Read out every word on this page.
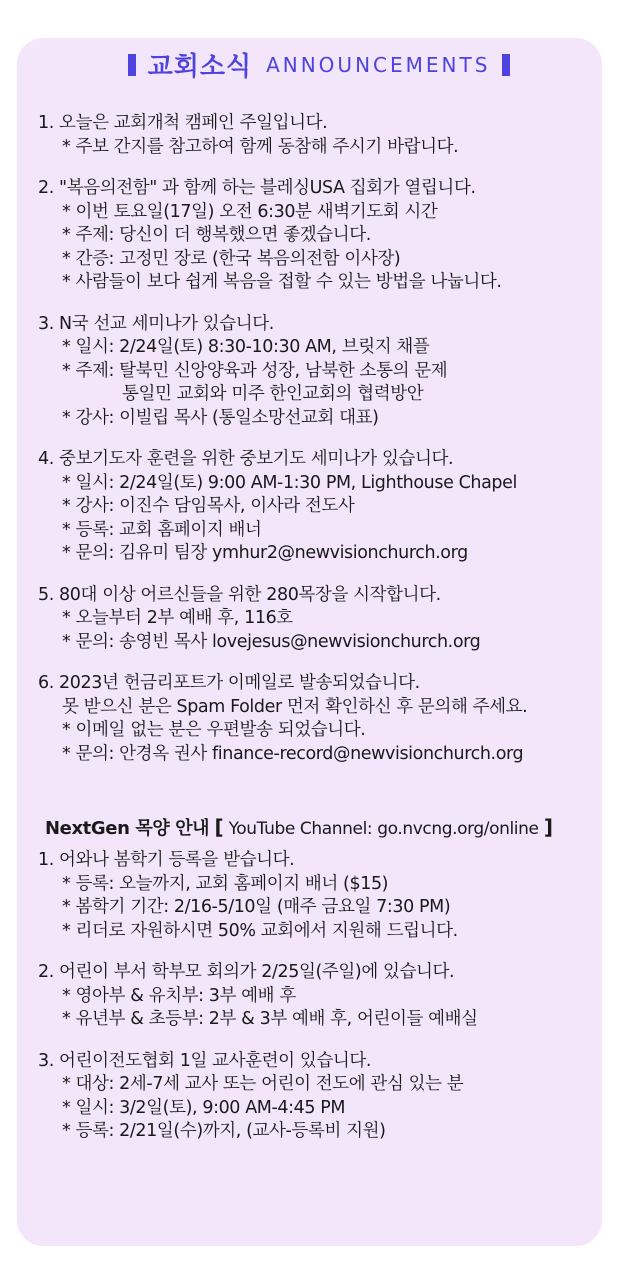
교회소식 ANNOUNCEMENTS
1. 오늘은 교회개척 캠페인 주일입니다.
* 주보 간지를 참고하여 함께 동참해 주시기 바랍니다.
2. "복음의전함" 과 함께 하는 블레싱USA 집회가 열립니다.
* 이번 토요일(17일) 오전 6:30분 새벽기도회 시간
* 주제: 당신이 더 행복했으면 좋겠습니다.
* 간증: 고정민 장로 (한국 복음의전함 이사장)
* 사람들이 보다 쉽게 복음을 접할 수 있는 방법을 나눕니다.
3. N국 선교 세미나가 있습니다.
* 일시: 2/24일(토) 8:30-10:30 AM, 브릿지 채플
* 주제: 탈북민 신앙양육과 성장, 남북한 소통의 문제
통일민 교회와 미주 한인교회의 협력방안
* 강사: 이빌립 목사 (통일소망선교회 대표)
4. 중보기도자 훈련을 위한 중보기도 세미나가 있습니다.
* 일시: 2/24일(토) 9:00 AM-1:30 PM, Lighthouse Chapel
* 강사: 이진수 담임목사, 이사라 전도사
* 등록: 교회 홈페이지 배너
* 문의: 김유미 팀장 ymhur2@newvisionchurch.org
5. 80대 이상 어르신들을 위한 280목장을 시작합니다.
* 오늘부터 2부 예배 후, 116호
* 문의: 송영빈 목사 lovejesus@newvisionchurch.org
6. 2023년 헌금리포트가 이메일로 발송되었습니다.
못 받으신 분은 Spam Folder 먼저 확인하신 후 문의해 주세요.
* 이메일 없는 분은 우편발송 되었습니다.
* 문의: 안경옥 권사 finance-record@newvisionchurch.org
NextGen 목양 안내 [ YouTube Channel: go.nvcng.org/online ]
1. 어와나 봄학기 등록을 받습니다.
* 등록: 오늘까지, 교회 홈페이지 배너 ($15)
* 봄학기 기간: 2/16-5/10일 (매주 금요일 7:30 PM)
* 리더로 자원하시면 50% 교회에서 지원해 드립니다.
2. 어린이 부서 학부모 회의가 2/25일(주일)에 있습니다.
* 영아부 & 유치부: 3부 예배 후
* 유년부 & 초등부: 2부 & 3부 예배 후, 어린이들 예배실
3. 어린이전도협회 1일 교사훈련이 있습니다.
* 대상: 2세-7세 교사 또는 어린이 전도에 관심 있는 분
* 일시: 3/2일(토), 9:00 AM-4:45 PM
* 등록: 2/21일(수)까지, (교사-등록비 지원)
